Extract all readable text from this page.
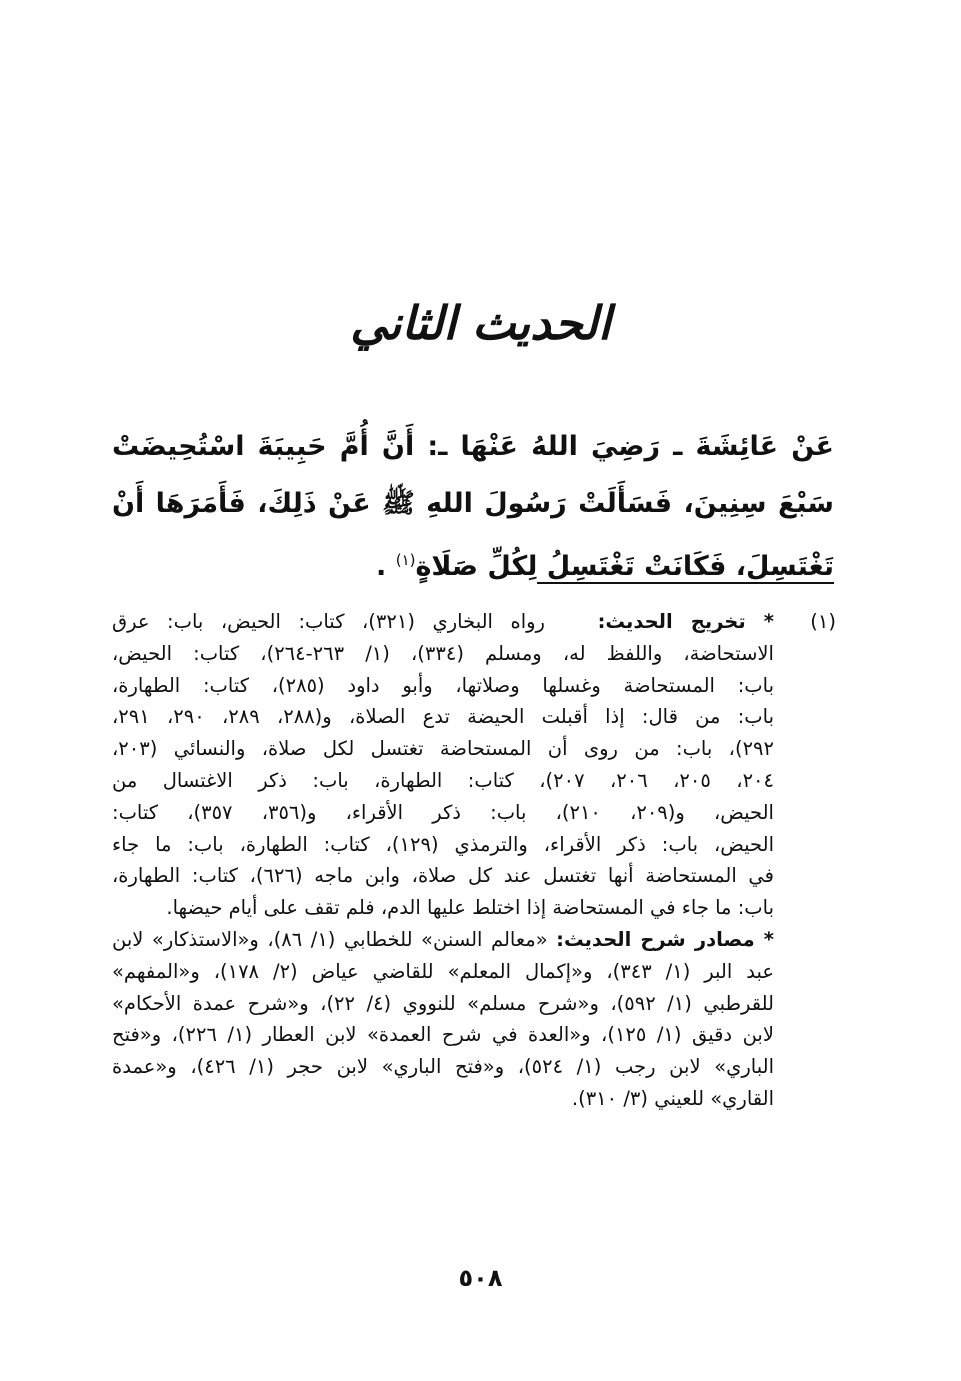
الحديث الثاني
عَنْ عَائِشَةَ ـ رَضِيَ اللهُ عَنْهَا ـ: أَنَّ أُمَّ حَبِيبَةَ اسْتُحِيضَتْ سَبْعَ سِنِينَ، فَسَأَلَتْ رَسُولَ اللهِ ﷺ عَنْ ذَلِكَ، فَأَمَرَهَا أَنْ تَغْتَسِلَ، فَكَانَتْ تَغْتَسِلُ لِكُلِّ صَلَاةٍ$^{(١)}$ .
(١)
* تخريج الحديث:   رواه البخاري (٣٢١)، كتاب: الحيض، باب: عرق
الاستحاضة، واللفظ له، ومسلم (٣٣٤)، (١/ ٢٦٣-٢٦٤)، كتاب: الحيض،
باب: المستحاضة وغسلها وصلاتها، وأبو داود (٢٨٥)، كتاب: الطهارة،
باب: من قال: إذا أقبلت الحيضة تدع الصلاة، و(٢٨٨، ٢٨٩، ٢٩٠، ٢٩١،
٢٩٢)، باب: من روى أن المستحاضة تغتسل لكل صلاة، والنسائي (٢٠٣،
٢٠٤، ٢٠٥، ٢٠٦، ٢٠٧)، كتاب: الطهارة، باب: ذكر الاغتسال من
الحيض، و(٢٠٩، ٢١٠)، باب: ذكر الأقراء، و(٣٥٦، ٣٥٧)، كتاب:
الحيض، باب: ذكر الأقراء، والترمذي (١٢٩)، كتاب: الطهارة، باب: ما جاء
في المستحاضة أنها تغتسل عند كل صلاة، وابن ماجه (٦٢٦)، كتاب: الطهارة،
باب: ما جاء في المستحاضة إذا اختلط عليها الدم، فلم تقف على أيام حيضها.
* مصادر شرح الحديث: «معالم السنن» للخطابي (١/ ٨٦)، و«الاستذكار» لابن
عبد البر (١/ ٣٤٣)، و«إكمال المعلم» للقاضي عياض (٢/ ١٧٨)، و«المفهم»
للقرطبي (١/ ٥٩٢)، و«شرح مسلم» للنووي (٤/ ٢٢)، و«شرح عمدة الأحكام»
لابن دقيق (١/ ١٢٥)، و«العدة في شرح العمدة» لابن العطار (١/ ٢٢٦)، و«فتح
الباري» لابن رجب (١/ ٥٢٤)، و«فتح الباري» لابن حجر (١/ ٤٢٦)، و«عمدة
القاري» للعيني (٣/ ٣١٠).
٥٠٨
